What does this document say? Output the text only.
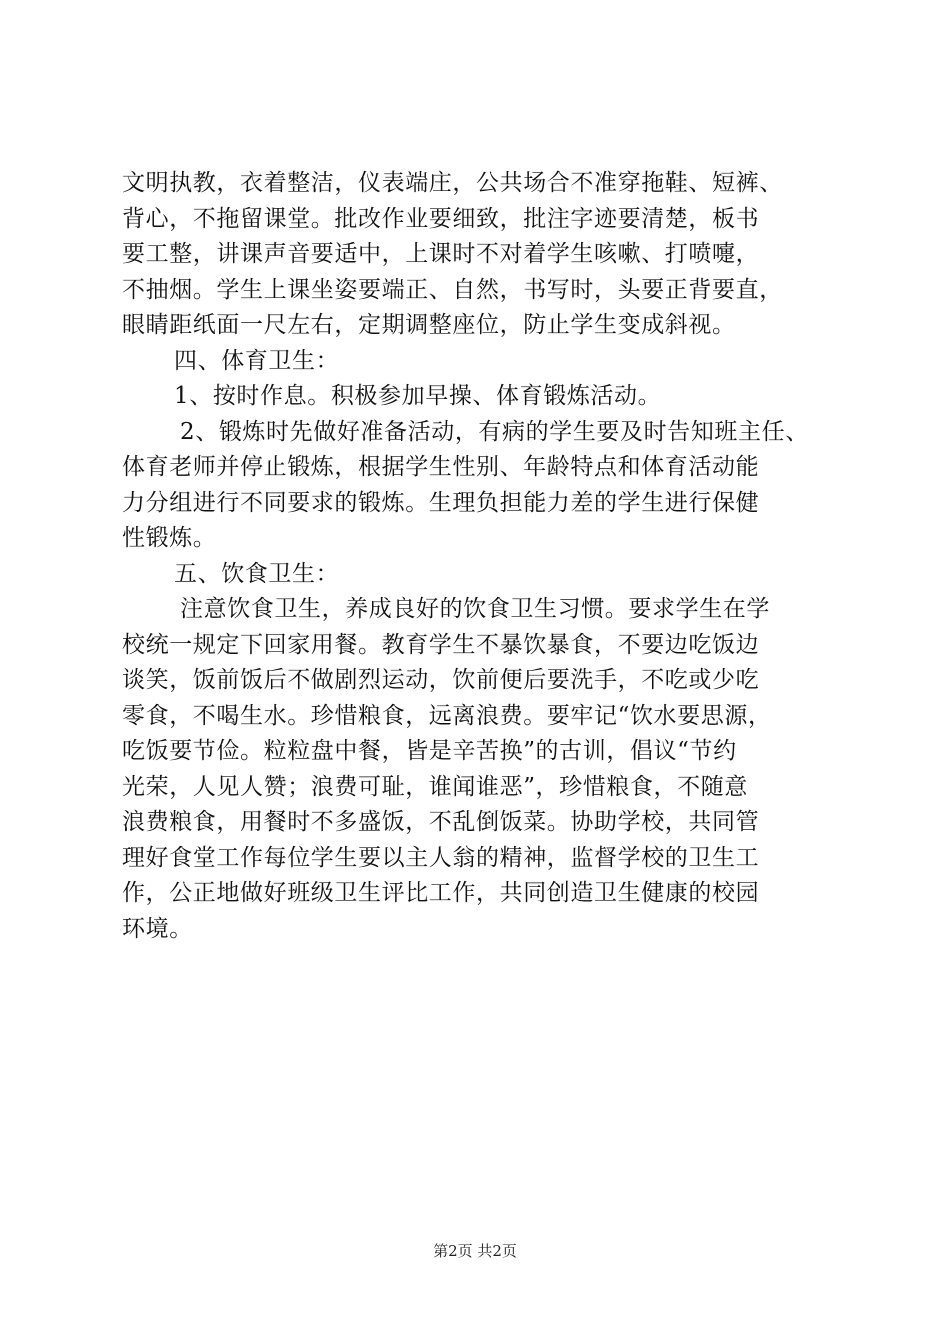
文明执教，衣着整洁，仪表端庄，公共场合不准穿拖鞋、短裤、
背心，不拖留课堂。批改作业要细致，批注字迹要清楚，板书
要工整，讲课声音要适中，上课时不对着学生咳嗽、打喷嚏，
不抽烟。学生上课坐姿要端正、自然，书写时，头要正背要直，
眼睛距纸面一尺左右，定期调整座位，防止学生变成斜视。
四、体育卫生：
1、按时作息。积极参加早操、体育锻炼活动。
2、锻炼时先做好准备活动，有病的学生要及时告知班主任、
体育老师并停止锻炼，根据学生性别、年龄特点和体育活动能
力分组进行不同要求的锻炼。生理负担能力差的学生进行保健
性锻炼。
五、饮食卫生：
注意饮食卫生，养成良好的饮食卫生习惯。要求学生在学
校统一规定下回家用餐。教育学生不暴饮暴食，不要边吃饭边
谈笑，饭前饭后不做剧烈运动，饮前便后要洗手，不吃或少吃
零食，不喝生水。珍惜粮食，远离浪费。要牢记“饮水要思源，
吃饭要节俭。粒粒盘中餐，皆是辛苦换”的古训，倡议“节约
光荣，人见人赞；浪费可耻，谁闻谁恶”，珍惜粮食，不随意
浪费粮食，用餐时不多盛饭，不乱倒饭菜。协助学校，共同管
理好食堂工作每位学生要以主人翁的精神，监督学校的卫生工
作，公正地做好班级卫生评比工作，共同创造卫生健康的校园
环境。
第2页 共2页
